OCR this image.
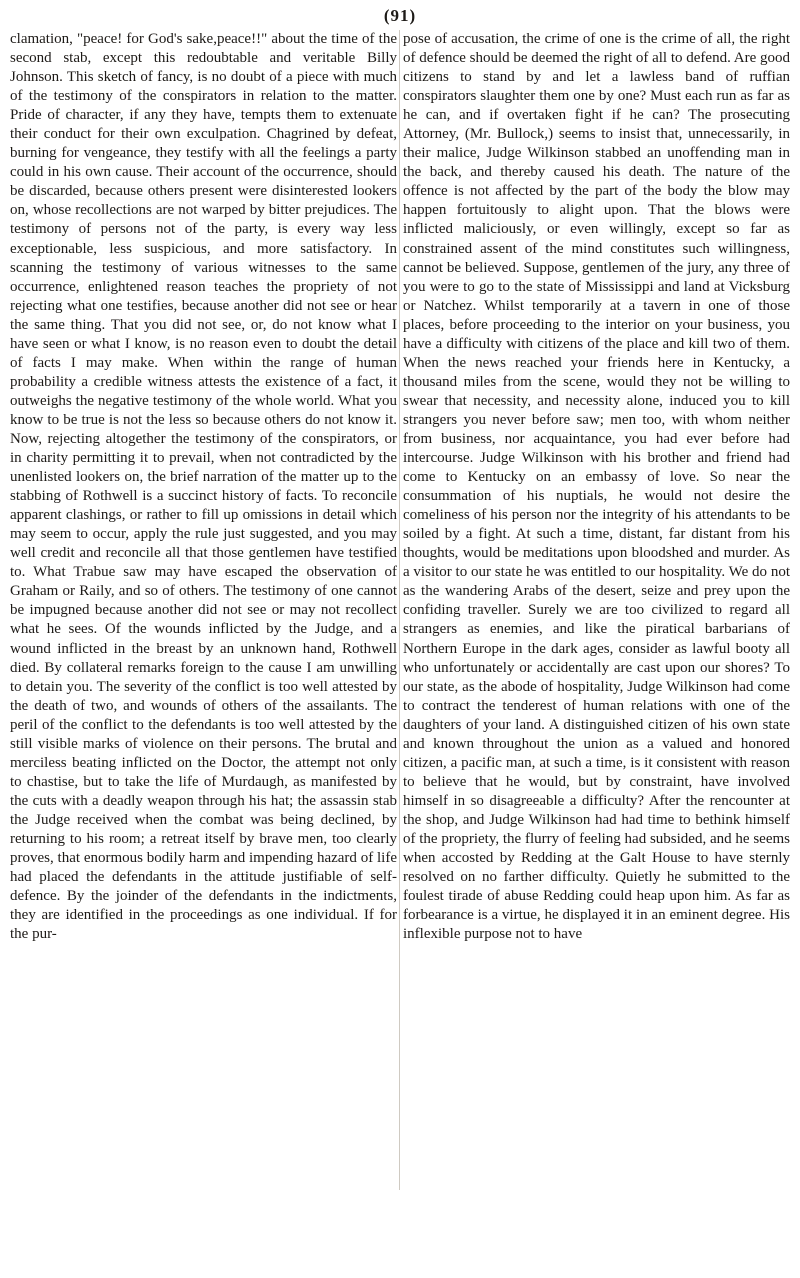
(91)

clamation, "peace! for God's sake,peace!!" about the time of the second stab, except this redoubtable and veritable Billy Johnson. This sketch of fancy, is no doubt of a piece with much of the testimony of the conspirators in relation to the matter. Pride of character, if any they have, tempts them to extenuate their conduct for their own exculpation. Chagrined by defeat, burning for vengeance, they testify with all the feelings a party could in his own cause. Their account of the occurrence, should be discarded, because others present were disinterested lookers on, whose recollections are not warped by bitter prejudices. The testimony of persons not of the party, is every way less exceptionable, less suspicious, and more satisfactory. In scanning the testimony of various witnesses to the same occurrence, enlightened reason teaches the propriety of not rejecting what one testifies, because another did not see or hear the same thing. That you did not see, or, do not know what I have seen or what I know, is no reason even to doubt the detail of facts I may make. When within the range of human probability a credible witness attests the existence of a fact, it outweighs the negative testimony of the whole world. What you know to be true is not the less so because others do not know it. Now, rejecting altogether the testimony of the conspirators, or in charity permitting it to prevail, when not contradicted by the unenlisted lookers on, the brief narration of the matter up to the stabbing of Rothwell is a succinct history of facts. To reconcile apparent clashings, or rather to fill up omissions in detail which may seem to occur, apply the rule just suggested, and you may well credit and reconcile all that those gentlemen have testified to. What Trabue saw may have escaped the observation of Graham or Raily, and so of others. The testimony of one cannot be impugned because another did not see or may not recollect what he sees. Of the wounds inflicted by the Judge, and a wound inflicted in the breast by an unknown hand, Rothwell died. By collateral remarks foreign to the cause I am unwilling to detain you. The severity of the conflict is too well attested by the death of two, and wounds of others of the assailants. The peril of the conflict to the defendants is too well attested by the still visible marks of violence on their persons. The brutal and merciless beating inflicted on the Doctor, the attempt not only to chastise, but to take the life of Murdaugh, as manifested by the cuts with a deadly weapon through his hat; the assassin stab the Judge received when the combat was being declined, by returning to his room; a retreat itself by brave men, too clearly proves, that enormous bodily harm and impending hazard of life had placed the defendants in the attitude justifiable of self-defence. By the joinder of the defendants in the indictments, they are identified in the proceedings as one individual. If for the pur-

pose of accusation, the crime of one is the crime of all, the right of defence should be deemed the right of all to defend. Are good citizens to stand by and let a lawless band of ruffian conspirators slaughter them one by one? Must each run as far as he can, and if overtaken fight if he can? The prosecuting Attorney, (Mr. Bullock,) seems to insist that, unnecessarily, in their malice, Judge Wilkinson stabbed an unoffending man in the back, and thereby caused his death. The nature of the offence is not affected by the part of the body the blow may happen fortuitously to alight upon. That the blows were inflicted maliciously, or even willingly, except so far as constrained assent of the mind constitutes such willingness, cannot be believed. Suppose, gentlemen of the jury, any three of you were to go to the state of Mississippi and land at Vicksburg or Natchez. Whilst temporarily at a tavern in one of those places, before proceeding to the interior on your business, you have a difficulty with citizens of the place and kill two of them. When the news reached your friends here in Kentucky, a thousand miles from the scene, would they not be willing to swear that necessity, and necessity alone, induced you to kill strangers you never before saw; men too, with whom neither from business, nor acquaintance, you had ever before had intercourse. Judge Wilkinson with his brother and friend had come to Kentucky on an embassy of love. So near the consummation of his nuptials, he would not desire the comeliness of his person nor the integrity of his attendants to be soiled by a fight. At such a time, distant, far distant from his thoughts, would be meditations upon bloodshed and murder. As a visitor to our state he was entitled to our hospitality. We do not as the wandering Arabs of the desert, seize and prey upon the confiding traveller. Surely we are too civilized to regard all strangers as enemies, and like the piratical barbarians of Northern Europe in the dark ages, consider as lawful booty all who unfortunately or accidentally are cast upon our shores? To our state, as the abode of hospitality, Judge Wilkinson had come to contract the tenderest of human relations with one of the daughters of your land. A distinguished citizen of his own state and known throughout the union as a valued and honored citizen, a pacific man, at such a time, is it consistent with reason to believe that he would, but by constraint, have involved himself in so disagreeable a difficulty? After the rencounter at the shop, and Judge Wilkinson had had time to bethink himself of the propriety, the flurry of feeling had subsided, and he seems when accosted by Redding at the Galt House to have sternly resolved on no farther difficulty. Quietly he submitted to the foulest tirade of abuse Redding could heap upon him. As far as forbearance is a virtue, he displayed it in an eminent degree. His inflexible purpose not to have
